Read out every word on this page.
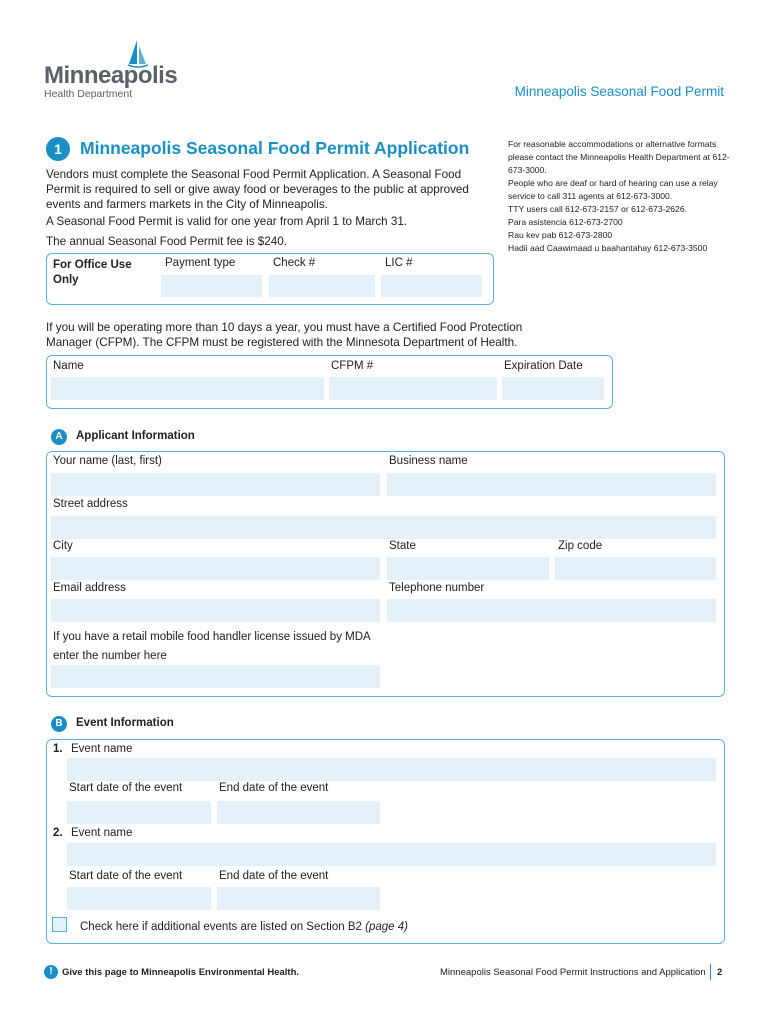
Minneapolis
Health Department	Minneapolis Seasonal Food Permit
1	Minneapolis Seasonal Food Permit Application
Vendors must complete the Seasonal Food Permit Application. A Seasonal Food Permit is required to sell or give away food or beverages to the public at approved events and farmers markets in the City of Minneapolis.
A Seasonal Food Permit is valid for one year from April 1 to March 31.
The annual Seasonal Food Permit fee is $240.
For reasonable accommodations or alternative formats please contact the Minneapolis Health Department at 612-673-3000.
People who are deaf or hard of hearing can use a relay service to call 311 agents at 612-673-3000.
TTY users call 612-673-2157 or 612-673-2626.
Para asistencia 612-673-2700
Rau kev pab 612-673-2800
Hadii aad Caawimaad u baahantahay 612-673-3500
For Office Use Only
Payment type	Check #	LIC #
If you will be operating more than 10 days a year, you must have a Certified Food Protection Manager (CFPM). The CFPM must be registered with the Minnesota Department of Health.
Name	CFPM #	Expiration Date
A	Applicant Information
Your name (last, first)	Business name
Street address
City	State	Zip code
Email address	Telephone number
If you have a retail mobile food handler license issued by MDA enter the number here
B	Event Information
1. Event name
Start date of the event	End date of the event
2. Event name
Start date of the event	End date of the event
Check here if additional events are listed on Section B2 (page 4)
! Give this page to Minneapolis Environmental Health.	Minneapolis Seasonal Food Permit Instructions and Application 2
